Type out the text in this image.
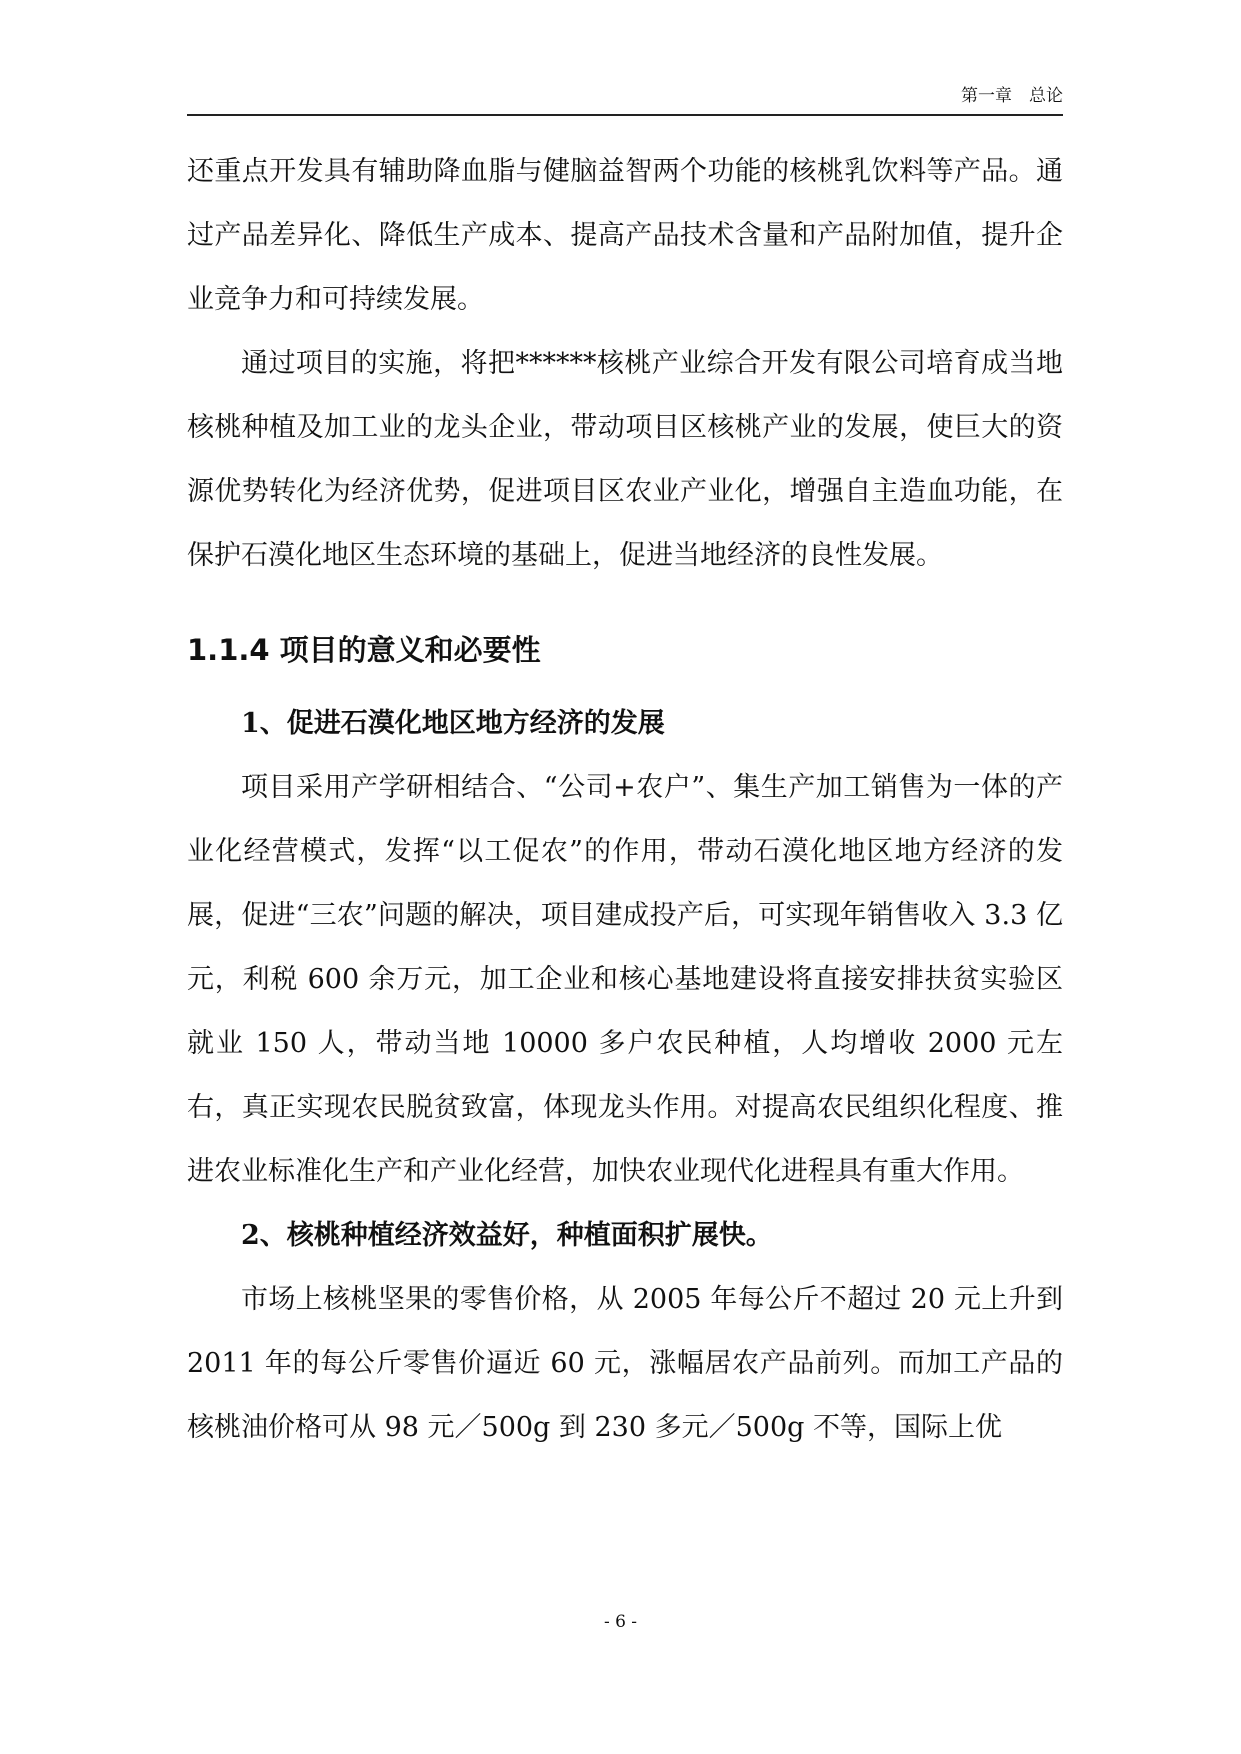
第一章　总论

还重点开发具有辅助降血脂与健脑益智两个功能的核桃乳饮料等产品。通过产品差异化、降低生产成本、提高产品技术含量和产品附加值，提升企业竞争力和可持续发展。

通过项目的实施，将把******核桃产业综合开发有限公司培育成当地核桃种植及加工业的龙头企业，带动项目区核桃产业的发展，使巨大的资源优势转化为经济优势，促进项目区农业产业化，增强自主造血功能，在保护石漠化地区生态环境的基础上，促进当地经济的良性发展。

1.1.4 项目的意义和必要性
1、促进石漠化地区地方经济的发展

项目采用产学研相结合、“公司+农户”、集生产加工销售为一体的产业化经营模式，发挥“以工促农”的作用，带动石漠化地区地方经济的发展，促进“三农”问题的解决，项目建成投产后，可实现年销售收入 3.3 亿元，利税 600 余万元，加工企业和核心基地建设将直接安排扶贫实验区就业 150 人，带动当地 10000 多户农民种植，人均增收 2000 元左右，真正实现农民脱贫致富，体现龙头作用。对提高农民组织化程度、推进农业标准化生产和产业化经营，加快农业现代化进程具有重大作用。

2、核桃种植经济效益好，种植面积扩展快。

市场上核桃坚果的零售价格，从 2005 年每公斤不超过 20 元上升到 2011 年的每公斤零售价逼近 60 元，涨幅居农产品前列。而加工产品的核桃油价格可从 98 元／500g 到 230 多元／500g 不等，国际上优

- 6 -
